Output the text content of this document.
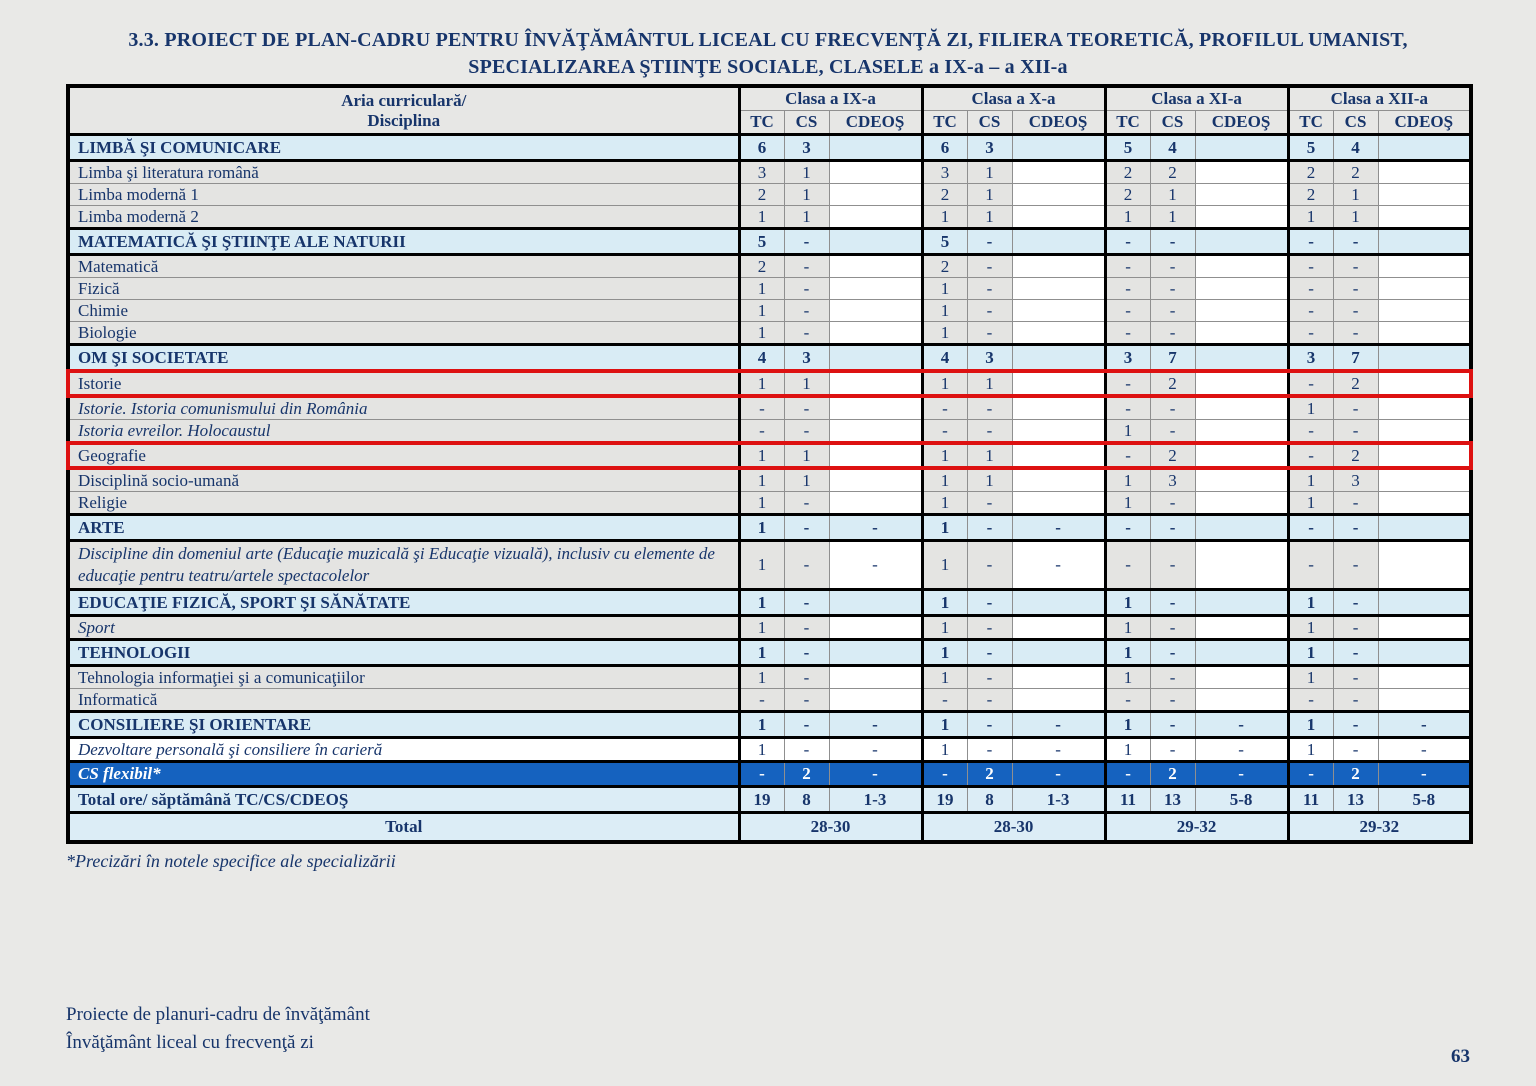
3.3. PROIECT DE PLAN-CADRU PENTRU ÎNVĂŢĂMÂNTUL LICEAL CU FRECVENŢĂ ZI, FILIERA TEORETICĂ, PROFILUL UMANIST,
SPECIALIZAREA ŞTIINŢE SOCIALE, CLASELE a IX-a – a XII-a
Aria curriculară/
Disciplina	Clasa a IX-a			Clasa a X-a			Clasa a XI-a			Clasa a XII-a		
	TC	CS	CDEOŞ	TC	CS	CDEOŞ	TC	CS	CDEOŞ	TC	CS	CDEOŞ
LIMBĂ ŞI COMUNICARE	6	3		6	3		5	4		5	4	
Limba şi literatura română	3	1		3	1		2	2		2	2	
Limba modernă 1	2	1		2	1		2	1		2	1	
Limba modernă 2	1	1		1	1		1	1		1	1	
MATEMATICĂ ŞI ŞTIINŢE ALE NATURII	5	-		5	-		-	-		-	-	
Matematică	2	-		2	-		-	-		-	-	
Fizică	1	-		1	-		-	-		-	-	
Chimie	1	-		1	-		-	-		-	-	
Biologie	1	-		1	-		-	-		-	-	
OM ŞI SOCIETATE	4	3		4	3		3	7		3	7	
Istorie	1	1		1	1		-	2		-	2	
Istorie. Istoria comunismului din România	-	-		-	-		-	-		1	-	
Istoria evreilor. Holocaustul	-	-		-	-		1	-		-	-	
Geografie	1	1		1	1		-	2		-	2	
Disciplină socio-umană	1	1		1	1		1	3		1	3	
Religie	1	-		1	-		1	-		1	-	
ARTE	1	-	-	1	-	-	-	-		-	-	
Discipline din domeniul arte (Educaţie muzicală şi Educaţie vizuală), inclusiv cu elemente de educaţie pentru teatru/artele spectacolelor	1	-	-	1	-	-	-	-		-	-	
EDUCAŢIE FIZICĂ, SPORT ŞI SĂNĂTATE	1	-		1	-		1	-		1	-	
Sport	1	-		1	-		1	-		1	-	
TEHNOLOGII	1	-		1	-		1	-		1	-	
Tehnologia informaţiei şi a comunicaţiilor	1	-		1	-		1	-		1	-	
Informatică	-	-		-	-		-	-		-	-	
CONSILIERE ŞI ORIENTARE	1	-	-	1	-	-	1	-	-	1	-	-
Dezvoltare personală şi consiliere în carieră	1	-	-	1	-	-	1	-	-	1	-	-
CS flexibil*	-	2	-	-	2	-	-	2	-	-	2	-
Total ore/ săptămână TC/CS/CDEOŞ	19	8	1-3	19	8	1-3	11	13	5-8	11	13	5-8
Total	28-30			28-30			29-32			29-32		
*Precizări în notele specifice ale specializării
Proiecte de planuri-cadru de învăţământ
Învăţământ liceal cu frecvenţă zi
63
